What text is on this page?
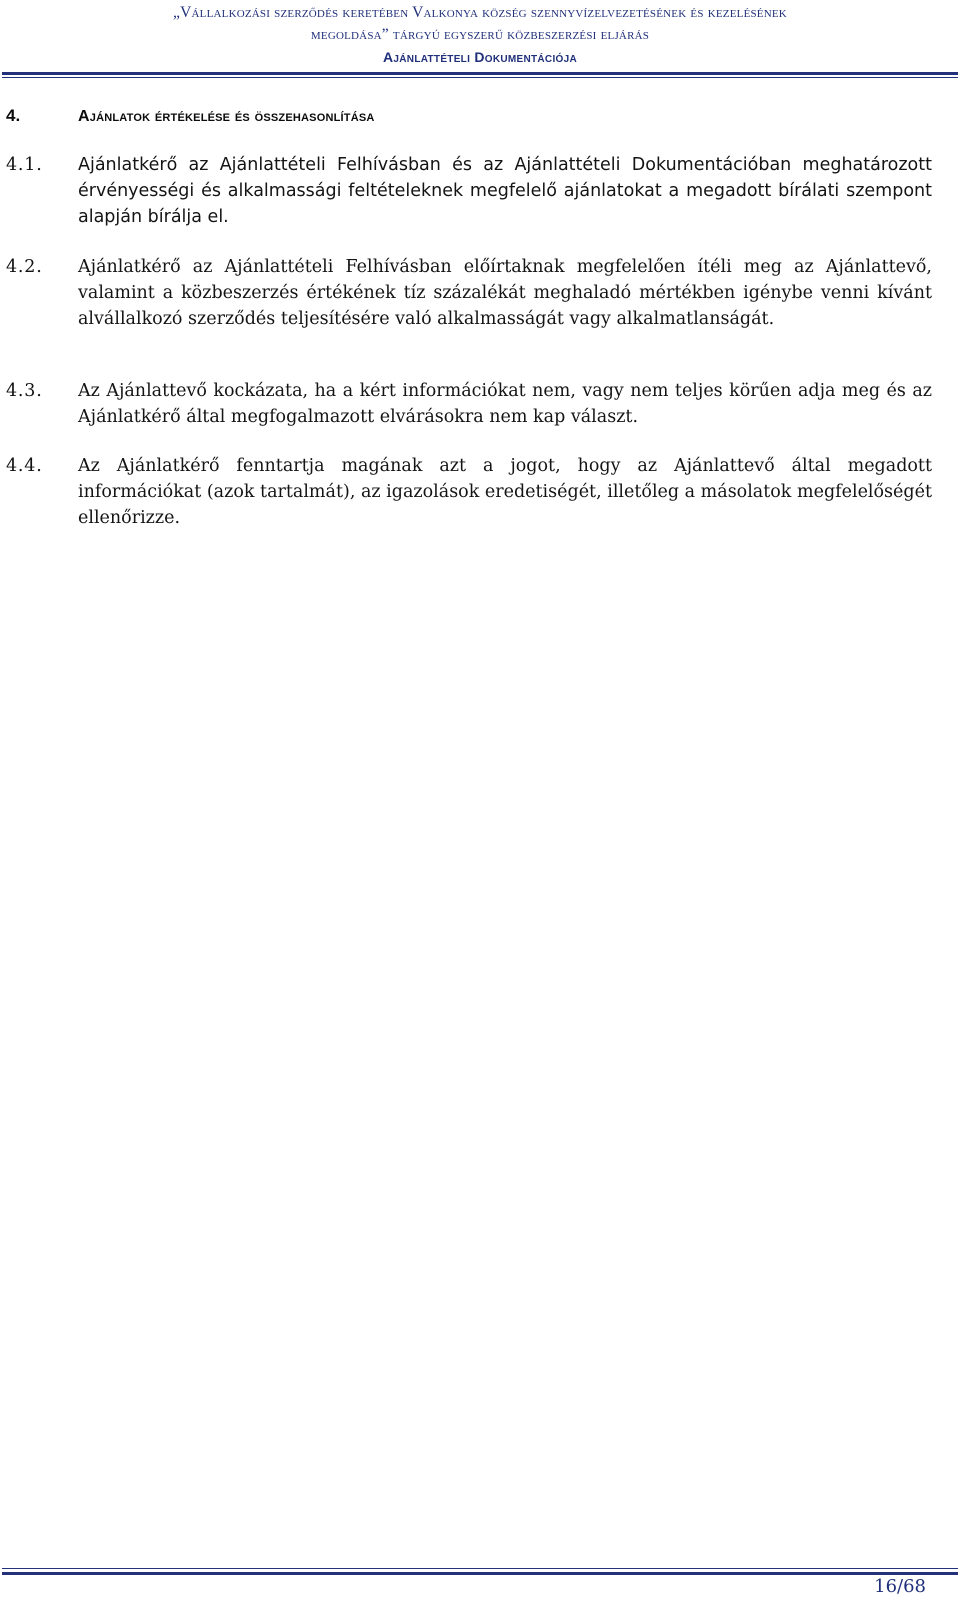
„Vállalkozási szerződés keretében Valkonya község szennyvízelvezetésének és kezelésének
megoldása” tárgyú egyszerű közbeszerzési eljárás
Ajánlattételi Dokumentációja
4.	Ajánlatok értékelése és összehasonlítása
4.1.	Ajánlatkérő az Ajánlattételi Felhívásban és az Ajánlattételi Dokumentációban meghatározott érvényességi és alkalmassági feltételeknek megfelelő ajánlatokat a megadott bírálati szempont alapján bírálja el.
4.2.	Ajánlatkérő az Ajánlattételi Felhívásban előírtaknak megfelelően ítéli meg az Ajánlattevő, valamint a közbeszerzés értékének tíz százalékát meghaladó mértékben igénybe venni kívánt alvállalkozó szerződés teljesítésére való alkalmasságát vagy alkalmatlanságát.
4.3.	Az Ajánlattevő kockázata, ha a kért információkat nem, vagy nem teljes körűen adja meg és az Ajánlatkérő által megfogalmazott elvárásokra nem kap választ.
4.4.	Az Ajánlatkérő fenntartja magának azt a jogot, hogy az Ajánlattevő által megadott információkat (azok tartalmát), az igazolások eredetiségét, illetőleg a másolatok megfelelőségét ellenőrizze.
16/68
